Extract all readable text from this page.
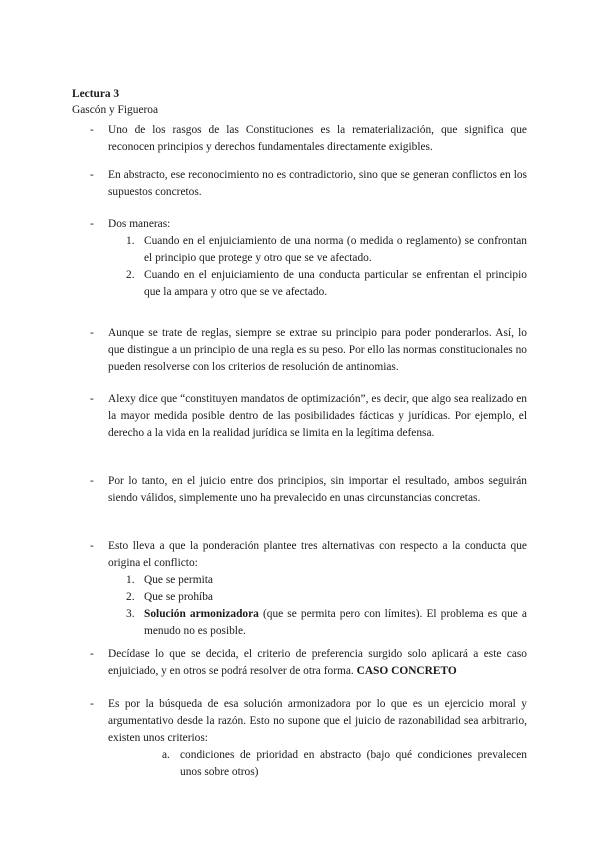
Lectura 3
Gascón y Figueroa
- Uno de los rasgos de las Constituciones es la rematerialización, que significa que reconocen principios y derechos fundamentales directamente exigibles.
- En abstracto, ese reconocimiento no es contradictorio, sino que se generan conflictos en los supuestos concretos.
- Dos maneras:
1. Cuando en el enjuiciamiento de una norma (o medida o reglamento) se confrontan el principio que protege y otro que se ve afectado.
2. Cuando en el enjuiciamiento de una conducta particular se enfrentan el principio que la ampara y otro que se ve afectado.
- Aunque se trate de reglas, siempre se extrae su principio para poder ponderarlos. Así, lo que distingue a un principio de una regla es su peso. Por ello las normas constitucionales no pueden resolverse con los criterios de resolución de antinomias.
- Alexy dice que “constituyen mandatos de optimización”, es decir, que algo sea realizado en la mayor medida posible dentro de las posibilidades fácticas y jurídicas. Por ejemplo, el derecho a la vida en la realidad jurídica se limita en la legítima defensa.
- Por lo tanto, en el juicio entre dos principios, sin importar el resultado, ambos seguirán siendo válidos, simplemente uno ha prevalecido en unas circunstancias concretas.
- Esto lleva a que la ponderación plantee tres alternativas con respecto a la conducta que origina el conflicto:
1. Que se permita
2. Que se prohíba
3. Solución armonizadora (que se permita pero con límites). El problema es que a menudo no es posible.
- Decídase lo que se decida, el criterio de preferencia surgido solo aplicará a este caso enjuiciado, y en otros se podrá resolver de otra forma. CASO CONCRETO
- Es por la búsqueda de esa solución armonizadora por lo que es un ejercicio moral y argumentativo desde la razón. Esto no supone que el juicio de razonabilidad sea arbitrario, existen unos criterios:
a. condiciones de prioridad en abstracto (bajo qué condiciones prevalecen unos sobre otros)
